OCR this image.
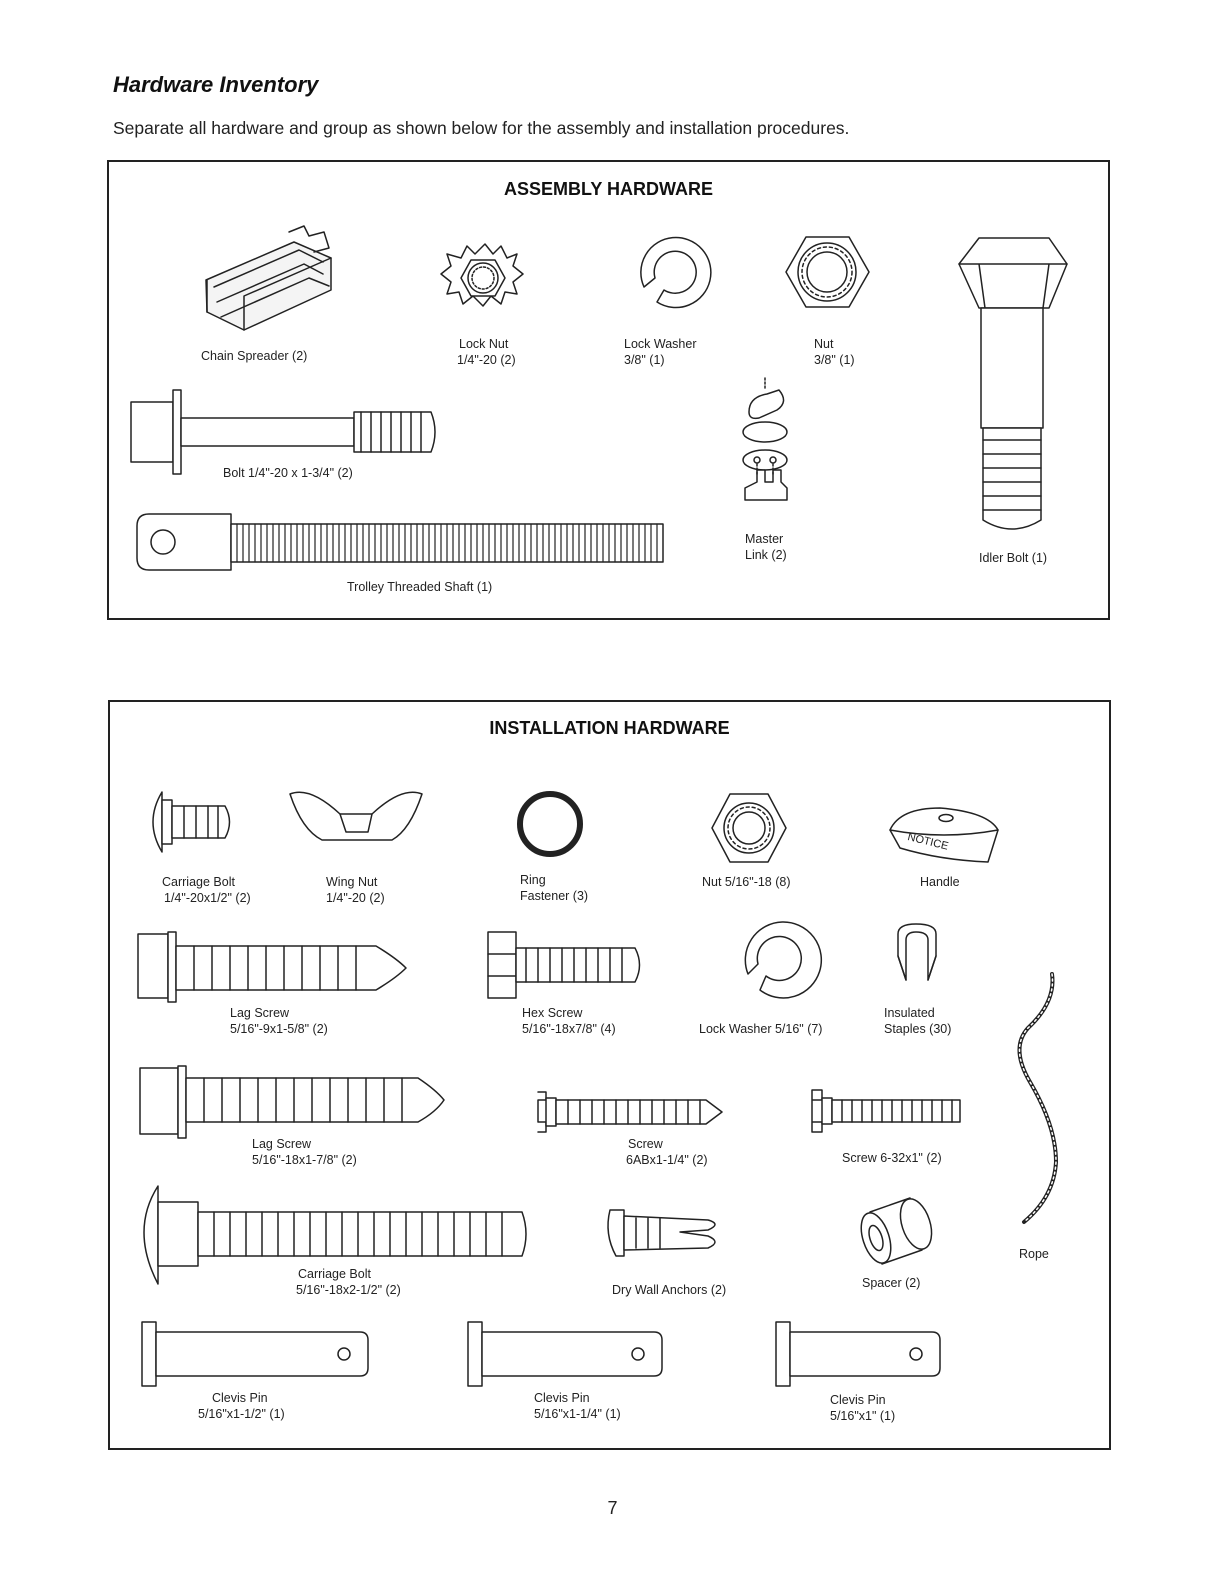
Hardware Inventory

Separate all hardware and group as shown below for the assembly and installation procedures.

ASSEMBLY HARDWARE
Chain Spreader (2)
Lock Nut
1/4"-20 (2)
Lock Washer
3/8" (1)
Nut
3/8" (1)
Bolt 1/4"-20 x 1-3/4" (2)
Master
Link (2)	Idler Bolt (1)
Trolley Threaded Shaft (1)
INSTALLATION HARDWARE
NOTICE
Carriage Bolt
1/4"-20x1/2" (2)
Wing Nut
1/4"-20 (2)
Ring
Fastener (3)
Nut 5/16"-18 (8)	Handle
Lag Screw
5/16"-9x1-5/8" (2)
Hex Screw
5/16"-18x7/8" (4)	Lock Washer 5/16" (7)
Insulated
Staples (30)
Lag Screw
5/16"-18x1-7/8" (2)
Screw
6ABx1-1/4" (2)	Screw 6-32x1" (2)
Rope
Carriage Bolt
5/16"-18x2-1/2" (2)	Dry Wall Anchors (2)	Spacer (2)
Clevis Pin
5/16"x1-1/2" (1)
Clevis Pin
5/16"x1-1/4" (1)
Clevis Pin
5/16"x1" (1)
7
